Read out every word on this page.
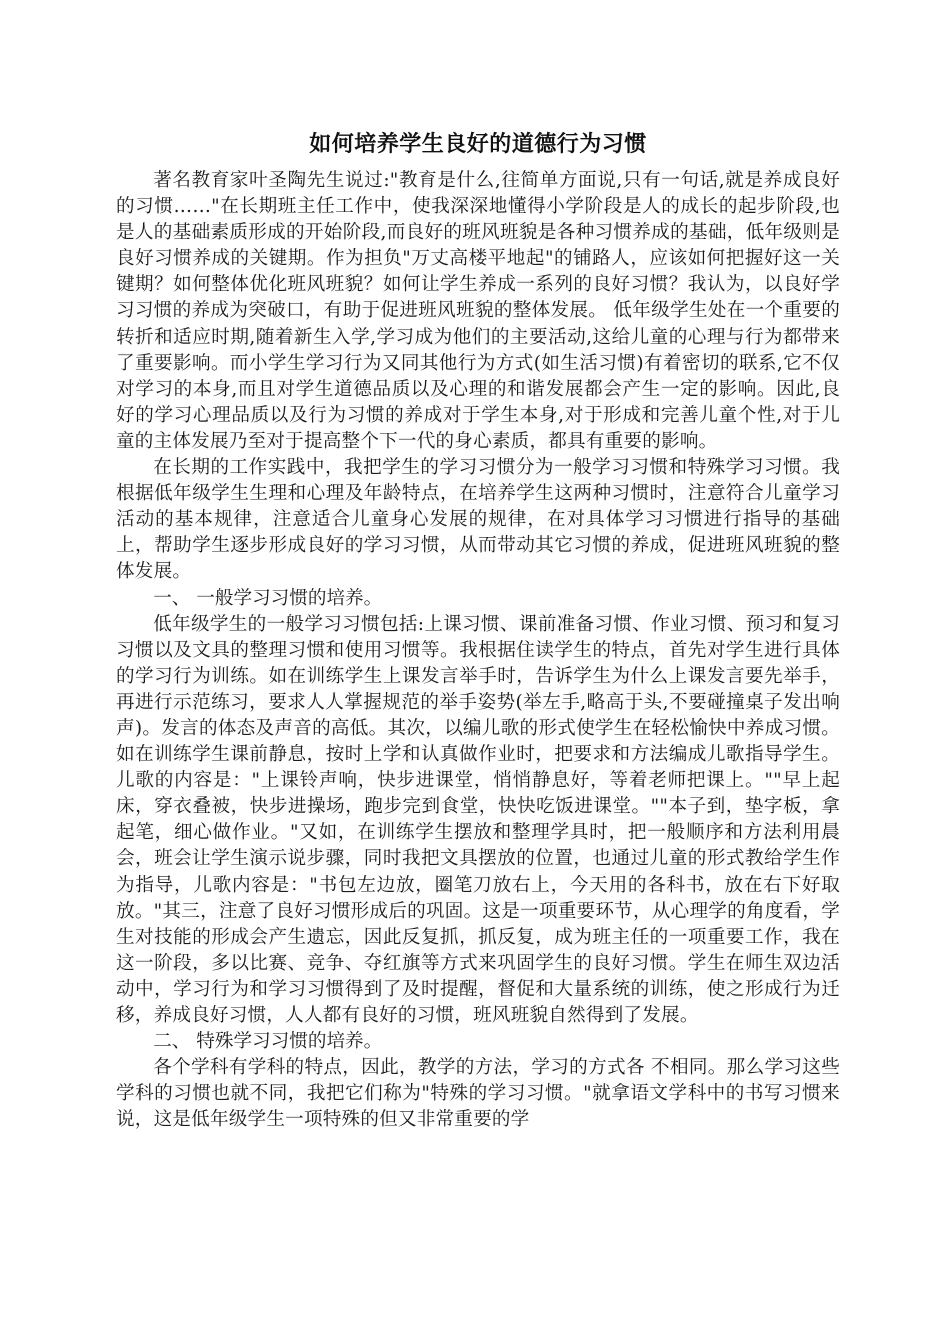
如何培养学生良好的道德行为习惯

著名教育家叶圣陶先生说过:"教育是什么,往简单方面说,只有一句话,就是养成良好的习惯……"在长期班主任工作中，使我深深地懂得小学阶段是人的成长的起步阶段,也是人的基础素质形成的开始阶段,而良好的班风班貌是各种习惯养成的基础，低年级则是良好习惯养成的关键期。作为担负"万丈高楼平地起"的铺路人，应该如何把握好这一关键期？如何整体优化班风班貌？如何让学生养成一系列的良好习惯？我认为，以良好学习习惯的养成为突破口，有助于促进班风班貌的整体发展。 低年级学生处在一个重要的转折和适应时期,随着新生入学,学习成为他们的主要活动,这给儿童的心理与行为都带来了重要影响。而小学生学习行为又同其他行为方式(如生活习惯)有着密切的联系,它不仅对学习的本身,而且对学生道德品质以及心理的和谐发展都会产生一定的影响。因此,良好的学习心理品质以及行为习惯的养成对于学生本身,对于形成和完善儿童个性,对于儿童的主体发展乃至对于提高整个下一代的身心素质，都具有重要的影响。

在长期的工作实践中，我把学生的学习习惯分为一般学习习惯和特殊学习习惯。我根据低年级学生生理和心理及年龄特点，在培养学生这两种习惯时，注意符合儿童学习活动的基本规律，注意适合儿童身心发展的规律，在对具体学习习惯进行指导的基础上，帮助学生逐步形成良好的学习习惯，从而带动其它习惯的养成，促进班风班貌的整体发展。

一、 一般学习习惯的培养。

低年级学生的一般学习习惯包括:上课习惯、课前准备习惯、作业习惯、预习和复习习惯以及文具的整理习惯和使用习惯等。我根据住读学生的特点，首先对学生进行具体的学习行为训练。如在训练学生上课发言举手时，告诉学生为什么上课发言要先举手，再进行示范练习，要求人人掌握规范的举手姿势(举左手,略高于头,不要碰撞桌子发出响声)。发言的体态及声音的高低。其次，以编儿歌的形式使学生在轻松愉快中养成习惯。如在训练学生课前静息，按时上学和认真做作业时，把要求和方法编成儿歌指导学生。儿歌的内容是："上课铃声响，快步进课堂，悄悄静息好，等着老师把课上。""早上起床，穿衣叠被，快步进操场，跑步完到食堂，快快吃饭进课堂。""本子到，垫字板，拿起笔，细心做作业。"又如，在训练学生摆放和整理学具时，把一般顺序和方法利用晨会，班会让学生演示说步骤，同时我把文具摆放的位置，也通过儿童的形式教给学生作为指导，儿歌内容是："书包左边放，圈笔刀放右上，今天用的各科书，放在右下好取放。"其三，注意了良好习惯形成后的巩固。这是一项重要环节，从心理学的角度看，学生对技能的形成会产生遗忘，因此反复抓，抓反复，成为班主任的一项重要工作，我在这一阶段，多以比赛、竞争、夺红旗等方式来巩固学生的良好习惯。学生在师生双边活动中，学习行为和学习习惯得到了及时提醒，督促和大量系统的训练，使之形成行为迁移，养成良好习惯，人人都有良好的习惯，班风班貌自然得到了发展。

二、 特殊学习习惯的培养。

各个学科有学科的特点，因此，教学的方法，学习的方式各 不相同。那么学习这些学科的习惯也就不同，我把它们称为"特殊的学习习惯。"就拿语文学科中的书写习惯来说，这是低年级学生一项特殊的但又非常重要的学
